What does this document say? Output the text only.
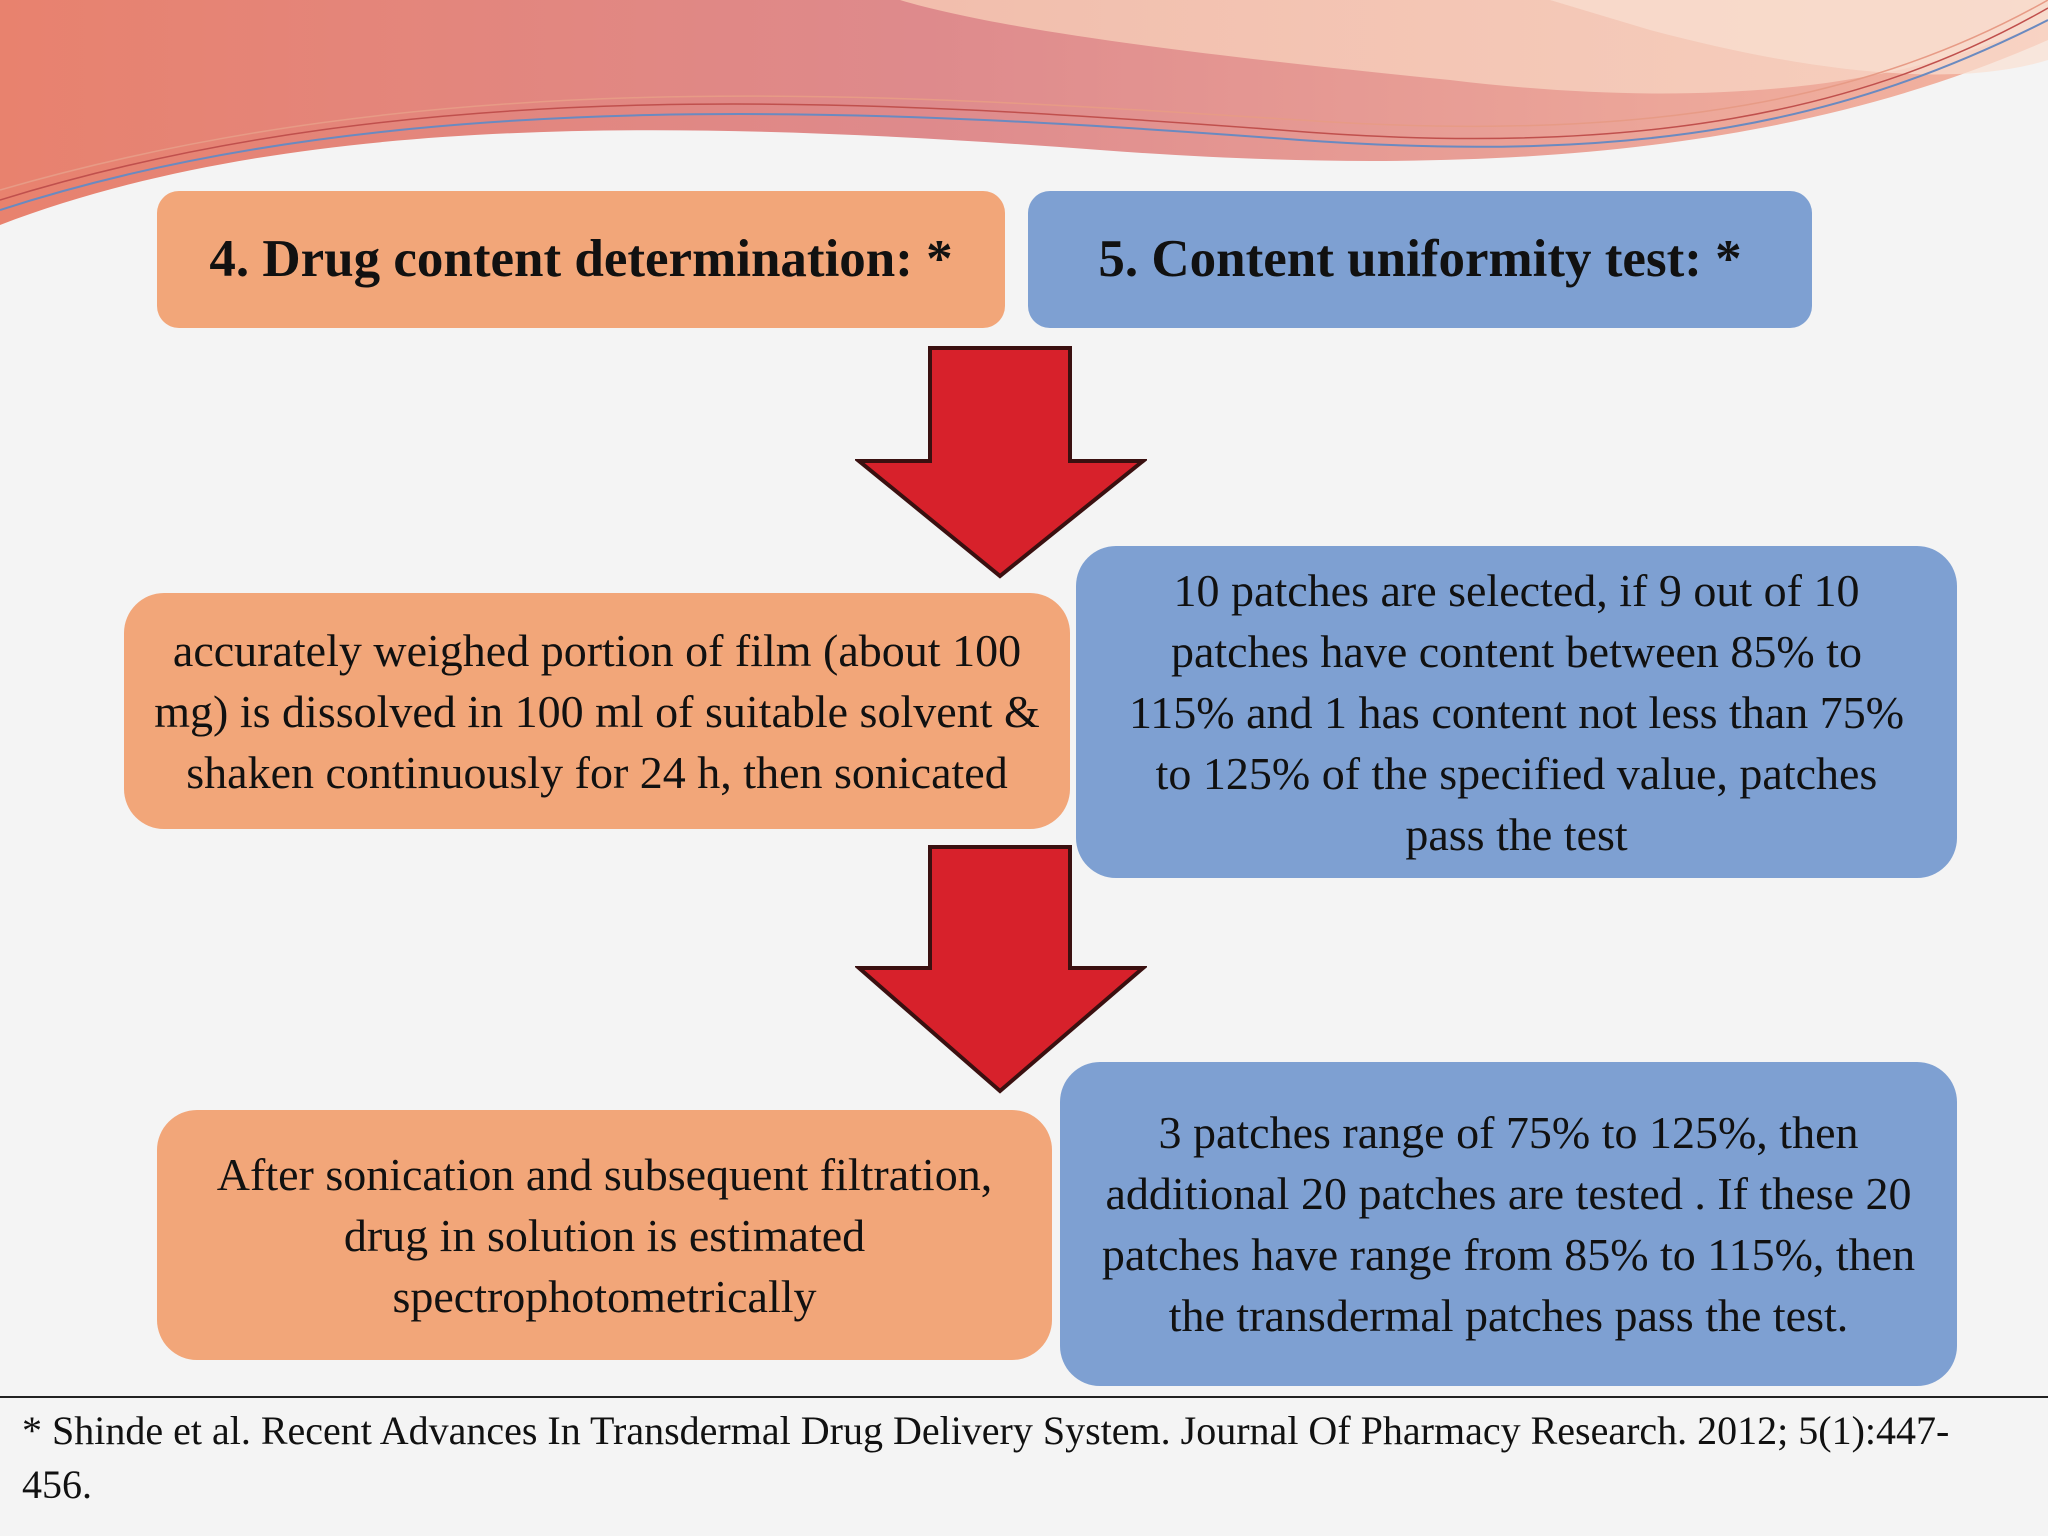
4. Drug content determination: *	5. Content uniformity test: *
accurately weighed portion of film (about 100 mg) is dissolved in 100 ml of suitable solvent & shaken continuously for 24 h, then sonicated
10 patches are selected, if 9 out of 10 patches have content between 85% to 115% and 1 has content not less than 75% to 125% of the specified value, patches pass the test
After sonication and subsequent filtration, drug in solution is estimated spectrophotometrically
3 patches range of 75% to 125%, then additional 20 patches are tested . If these 20 patches have range from 85% to 115%, then the transdermal patches pass the test.
* Shinde et al. Recent Advances In Transdermal Drug Delivery System. Journal Of Pharmacy Research. 2012; 5(1):447-456.
